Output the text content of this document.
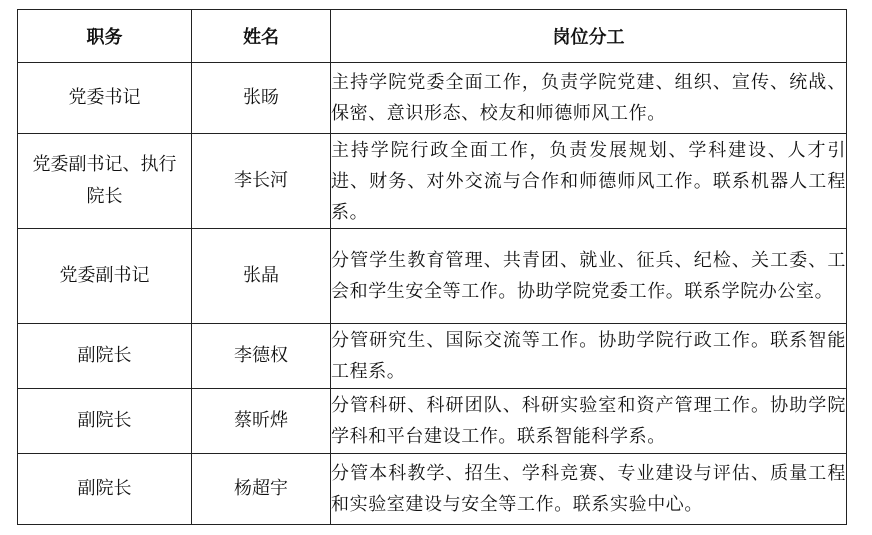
职务	姓名	岗位分工
党委书记	张旸	主持学院党委全面工作，负责学院党建、组织、宣传、统战、保密、意识形态、校友和师德师风工作。
党委副书记、执行院长	李长河	主持学院行政全面工作，负责发展规划、学科建设、人才引进、财务、对外交流与合作和师德师风工作。联系机器人工程系。
党委副书记	张晶	分管学生教育管理、共青团、就业、征兵、纪检、关工委、工会和学生安全等工作。协助学院党委工作。联系学院办公室。
副院长	李德权	分管研究生、国际交流等工作。协助学院行政工作。联系智能工程系。
副院长	蔡昕烨	分管科研、科研团队、科研实验室和资产管理工作。协助学院学科和平台建设工作。联系智能科学系。
副院长	杨超宇	分管本科教学、招生、学科竞赛、专业建设与评估、质量工程和实验室建设与安全等工作。联系实验中心。
